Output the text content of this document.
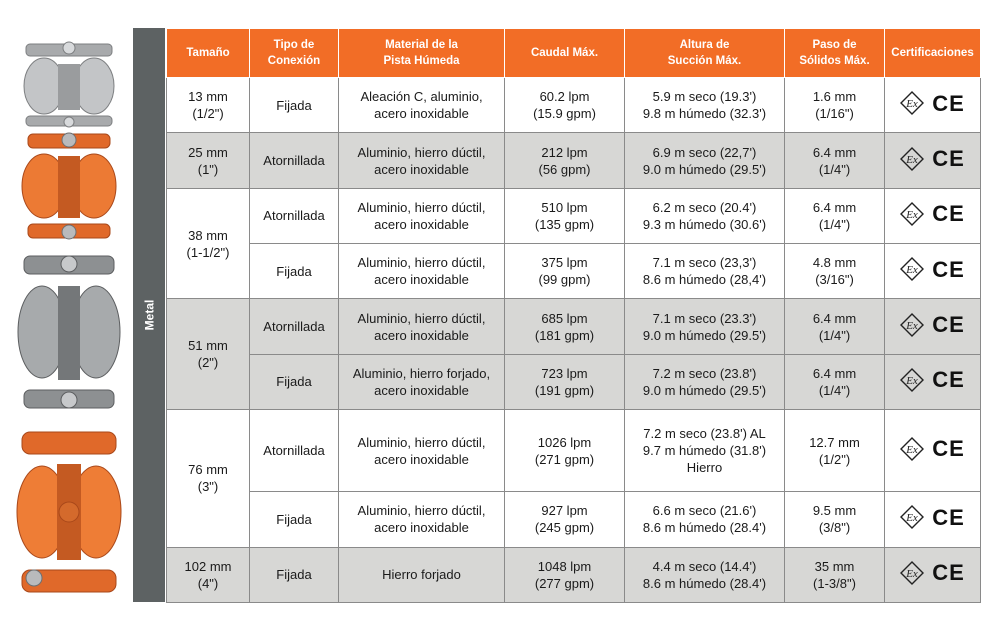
Metal
Tamaño	Tipo de
Conexión	Material de la
Pista Húmeda	Caudal Máx.	Altura de
Succión Máx.	Paso de
Sólidos Máx.	Certificaciones
13 mm
(1/2")	Fijada	Aleación C, aluminio,
acero inoxidable	60.2 lpm
(15.9 gpm)	5.9 m seco (19.3')
9.8 m húmedo (32.3')	1.6 mm
(1/16")	Ex CE

25 mm
(1")	Atornillada	Aluminio, hierro dúctil,
acero inoxidable	212 lpm
(56 gpm)	6.9 m seco (22,7')
9.0 m húmedo (29.5')	6.4 mm
(1/4")	Ex CE

38 mm
(1-1/2")	Atornillada	Aluminio, hierro dúctil,
acero inoxidable	510 lpm
(135 gpm)	6.2 m seco (20.4')
9.3 m húmedo (30.6')	6.4 mm
(1/4")	Ex CE

	Fijada	Aluminio, hierro dúctil,
acero inoxidable	375 lpm
(99 gpm)	7.1 m seco (23,3')
8.6 m húmedo (28,4')	4.8 mm
(3/16")	Ex CE

51 mm
(2")	Atornillada	Aluminio, hierro dúctil,
acero inoxidable	685 lpm
(181 gpm)	7.1 m seco (23.3')
9.0 m húmedo (29.5')	6.4 mm
(1/4")	Ex CE

	Fijada	Aluminio, hierro forjado,
acero inoxidable	723 lpm
(191 gpm)	7.2 m seco (23.8')
9.0 m húmedo (29.5')	6.4 mm
(1/4")	Ex CE

76 mm
(3")	Atornillada	Aluminio, hierro dúctil,
acero inoxidable	1026 lpm
(271 gpm)	7.2 m seco (23.8') AL
9.7 m húmedo (31.8')
Hierro	12.7 mm
(1/2")	Ex CE

	Fijada	Aluminio, hierro dúctil,
acero inoxidable	927 lpm
(245 gpm)	6.6 m seco (21.6')
8.6 m húmedo (28.4')	9.5 mm
(3/8")	Ex CE

102 mm
(4")	Fijada	Hierro forjado	1048 lpm
(277 gpm)	4.4 m seco (14.4')
8.6 m húmedo (28.4')	35 mm
(1-3/8")	Ex CE
